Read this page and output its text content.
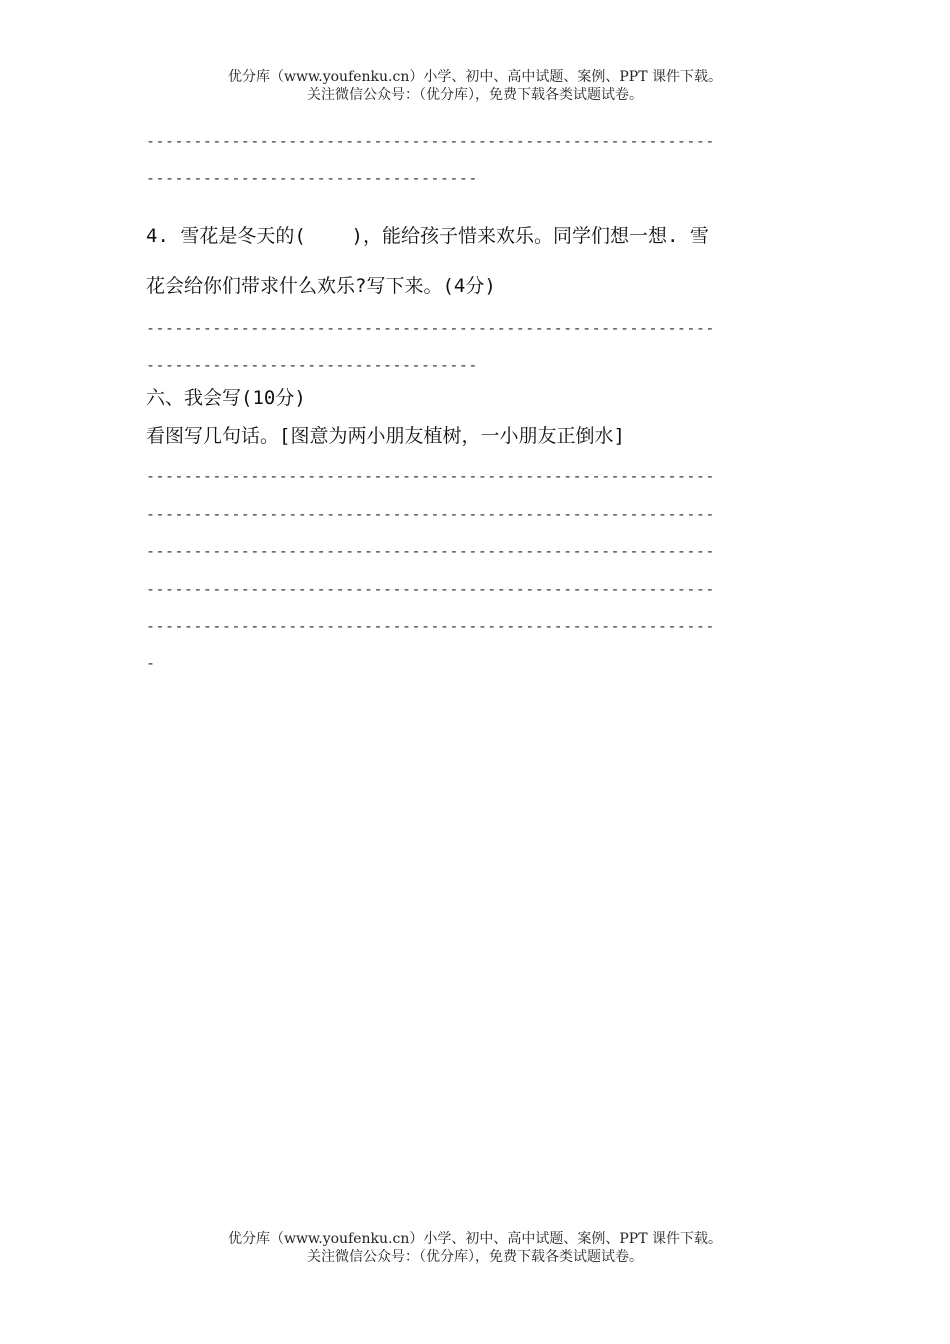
优分库（www.youfenku.cn）小学、初中、高中试题、案例、PPT 课件下载。
关注微信公众号：（优分库），免费下载各类试题试卷。
------------------------------------------------------------
-----------------------------------
4. 雪花是冬天的(    )，能给孩子惜来欢乐。同学们想一想. 雪
花会给你们带求什么欢乐?写下来。(4分)
------------------------------------------------------------
-----------------------------------
六、我会写(10分)
看图写几句话。[图意为两小朋友植树，一小朋友正倒水]
------------------------------------------------------------
------------------------------------------------------------
------------------------------------------------------------
------------------------------------------------------------
------------------------------------------------------------
-
优分库（www.youfenku.cn）小学、初中、高中试题、案例、PPT 课件下载。
关注微信公众号：（优分库），免费下载各类试题试卷。
